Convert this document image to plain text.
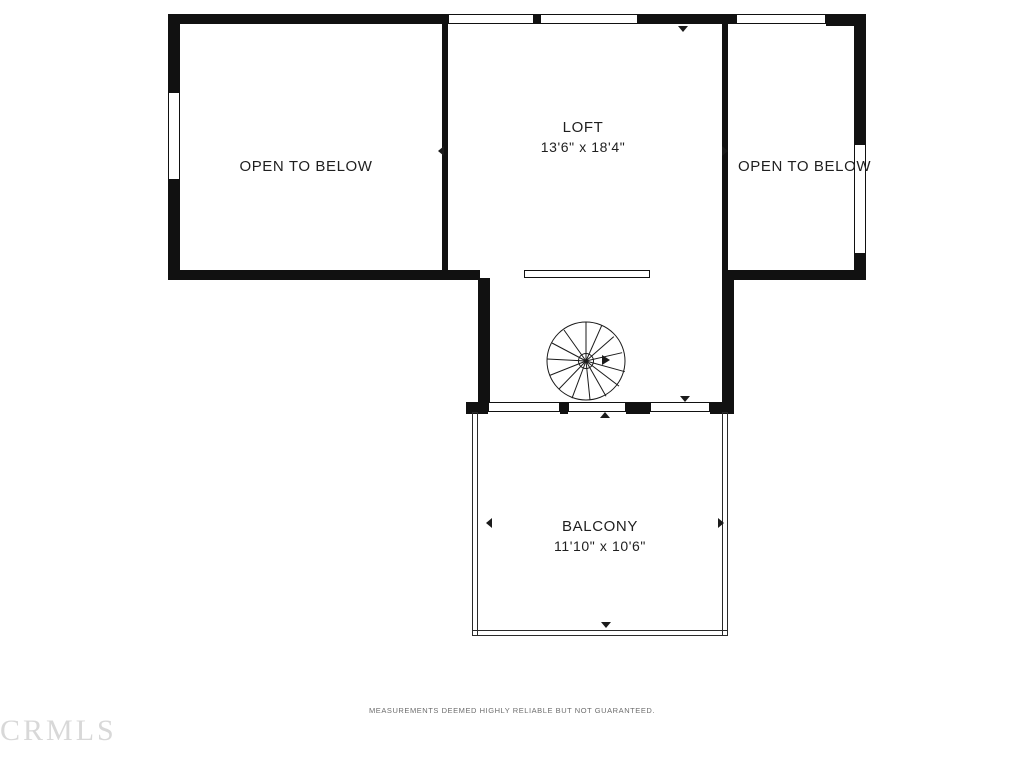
OPEN TO BELOW
LOFT
13'6" x 18'4"
OPEN TO BELOW
BALCONY
11'10" x 10'6"
MEASUREMENTS DEEMED HIGHLY RELIABLE BUT NOT GUARANTEED.
CRMLS
